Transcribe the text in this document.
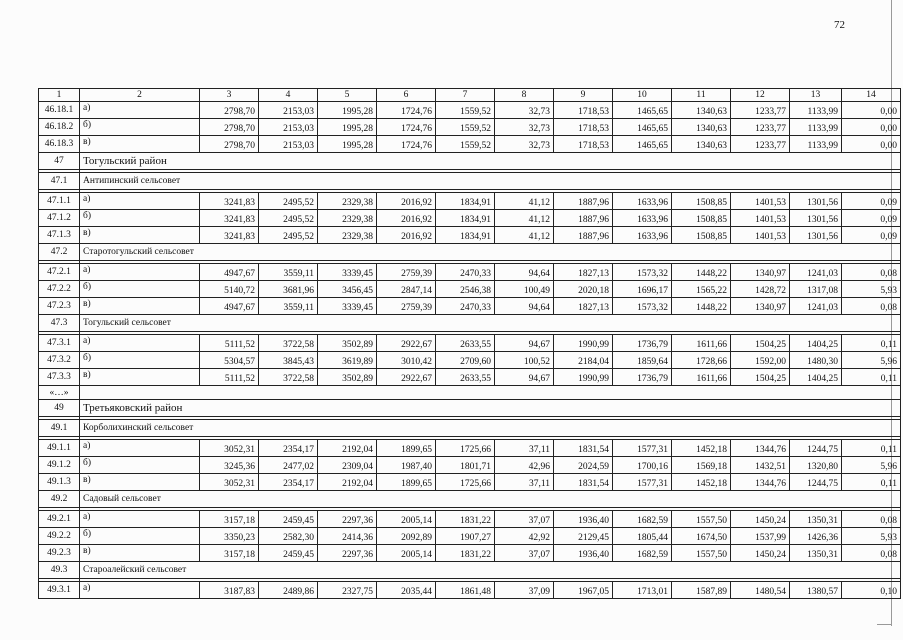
72
1	2	3	4	5	6	7	8	9	10	11	12	13	14
46.18.1	а)	2798,70	2153,03	1995,28	1724,76	1559,52	32,73	1718,53	1465,65	1340,63	1233,77	1133,99	0,00
46.18.2	б)	2798,70	2153,03	1995,28	1724,76	1559,52	32,73	1718,53	1465,65	1340,63	1233,77	1133,99	0,00
46.18.3	в)	2798,70	2153,03	1995,28	1724,76	1559,52	32,73	1718,53	1465,65	1340,63	1233,77	1133,99	0,00
47	Тогульский район												

47.1	Антипинский сельсовет												

47.1.1	а)	3241,83	2495,52	2329,38	2016,92	1834,91	41,12	1887,96	1633,96	1508,85	1401,53	1301,56	0,09
47.1.2	б)	3241,83	2495,52	2329,38	2016,92	1834,91	41,12	1887,96	1633,96	1508,85	1401,53	1301,56	0,09
47.1.3	в)	3241,83	2495,52	2329,38	2016,92	1834,91	41,12	1887,96	1633,96	1508,85	1401,53	1301,56	0,09
47.2	Старотогульский сельсовет												

47.2.1	а)	4947,67	3559,11	3339,45	2759,39	2470,33	94,64	1827,13	1573,32	1448,22	1340,97	1241,03	0,08
47.2.2	б)	5140,72	3681,96	3456,45	2847,14	2546,38	100,49	2020,18	1696,17	1565,22	1428,72	1317,08	5,93
47.2.3	в)	4947,67	3559,11	3339,45	2759,39	2470,33	94,64	1827,13	1573,32	1448,22	1340,97	1241,03	0,08
47.3	Тогульский сельсовет												

47.3.1	а)	5111,52	3722,58	3502,89	2922,67	2633,55	94,67	1990,99	1736,79	1611,66	1504,25	1404,25	0,11
47.3.2	б)	5304,57	3845,43	3619,89	3010,42	2709,60	100,52	2184,04	1859,64	1728,66	1592,00	1480,30	5,96
47.3.3	в)	5111,52	3722,58	3502,89	2922,67	2633,55	94,67	1990,99	1736,79	1611,66	1504,25	1404,25	0,11
«…»													
49	Третьяковский район												

49.1	Корболихинский сельсовет												

49.1.1	а)	3052,31	2354,17	2192,04	1899,65	1725,66	37,11	1831,54	1577,31	1452,18	1344,76	1244,75	0,11
49.1.2	б)	3245,36	2477,02	2309,04	1987,40	1801,71	42,96	2024,59	1700,16	1569,18	1432,51	1320,80	5,96
49.1.3	в)	3052,31	2354,17	2192,04	1899,65	1725,66	37,11	1831,54	1577,31	1452,18	1344,76	1244,75	0,11
49.2	Садовый сельсовет												

49.2.1	а)	3157,18	2459,45	2297,36	2005,14	1831,22	37,07	1936,40	1682,59	1557,50	1450,24	1350,31	0,08
49.2.2	б)	3350,23	2582,30	2414,36	2092,89	1907,27	42,92	2129,45	1805,44	1674,50	1537,99	1426,36	5,93
49.2.3	в)	3157,18	2459,45	2297,36	2005,14	1831,22	37,07	1936,40	1682,59	1557,50	1450,24	1350,31	0,08
49.3	Староалейский сельсовет												

49.3.1	а)	3187,83	2489,86	2327,75	2035,44	1861,48	37,09	1967,05	1713,01	1587,89	1480,54	1380,57	0,10
